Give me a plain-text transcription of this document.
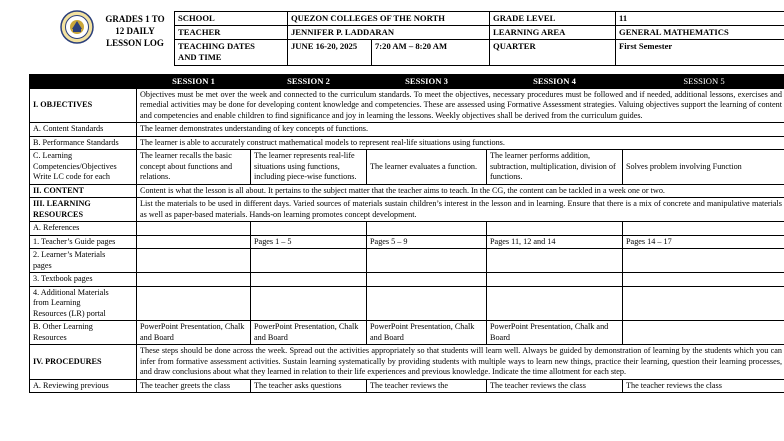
GRADES 1 TO
12 DAILY
LESSON LOG
SCHOOL	QUEZON COLLEGES OF THE NORTH		GRADE LEVEL	11
TEACHER	JENNIFER P. LADDARAN		LEARNING AREA	GENERAL MATHEMATICS

TEACHING DATES
AND TIME	JUNE 16-20, 2025	7:20 AM – 8:20 AM	QUARTER	First Semester
	SESSION 1	SESSION 2	SESSION 3	SESSION 4	SESSION 5
I. OBJECTIVES	Objectives must be met over the week and connected to the curriculum standards. To meet the objectives, necessary procedures must be followed and if needed, additional lessons, exercises and remedial activities may be done for developing content knowledge and competencies. These are assessed using Formative Assessment strategies. Valuing objectives support the learning of content and competencies and enable children to find significance and joy in learning the lessons. Weekly objectives shall be derived from the curriculum guides.				
A. Content Standards	The learner demonstrates understanding of key concepts of functions.				
B. Performance Standards	The learner is able to accurately construct mathematical models to represent real-life situations using functions.				

C. Learning
Competencies/Objectives
Write LC code for each	The learner recalls the basic concept about functions and relations.	The learner represents real-life situations using functions, including piece-wise functions.	The learner evaluates a function.	The learner performs addition, subtraction, multiplication, division of functions.	Solves problem involving Function
II. CONTENT	Content is what the lesson is all about. It pertains to the subject matter that the teacher aims to teach. In the CG, the content can be tackled in a week one or two.				

III. LEARNING
RESOURCES	List the materials to be used in different days. Varied sources of materials sustain children’s interest in the lesson and in learning. Ensure that there is a mix of concrete and manipulative materials as well as paper-based materials. Hands-on learning promotes concept development.				
A. References					
1. Teacher’s Guide pages		Pages 1 – 5	Pages 5 – 9	Pages 11, 12 and 14	Pages 14 – 17

2. Learner’s Materials
pages					

3. Textbook pages					

4. Additional Materials
from Learning
Resources (LR) portal					

B. Other Learning
Resources	PowerPoint Presentation, Chalk and Board	PowerPoint Presentation, Chalk and Board	PowerPoint Presentation, Chalk and Board	PowerPoint Presentation, Chalk and Board	
IV. PROCEDURES	These steps should be done across the week. Spread out the activities appropriately so that students will learn well. Always be guided by demonstration of learning by the students which you can infer from formative assessment activities. Sustain learning systematically by providing students with multiple ways to learn new things, practice their learning, question their learning processes, and draw conclusions about what they learned in relation to their life experiences and previous knowledge. Indicate the time allotment for each step.				
A. Reviewing previous	The teacher greets the class	The teacher asks questions	The teacher reviews the	The teacher reviews the class	The teacher reviews the class
